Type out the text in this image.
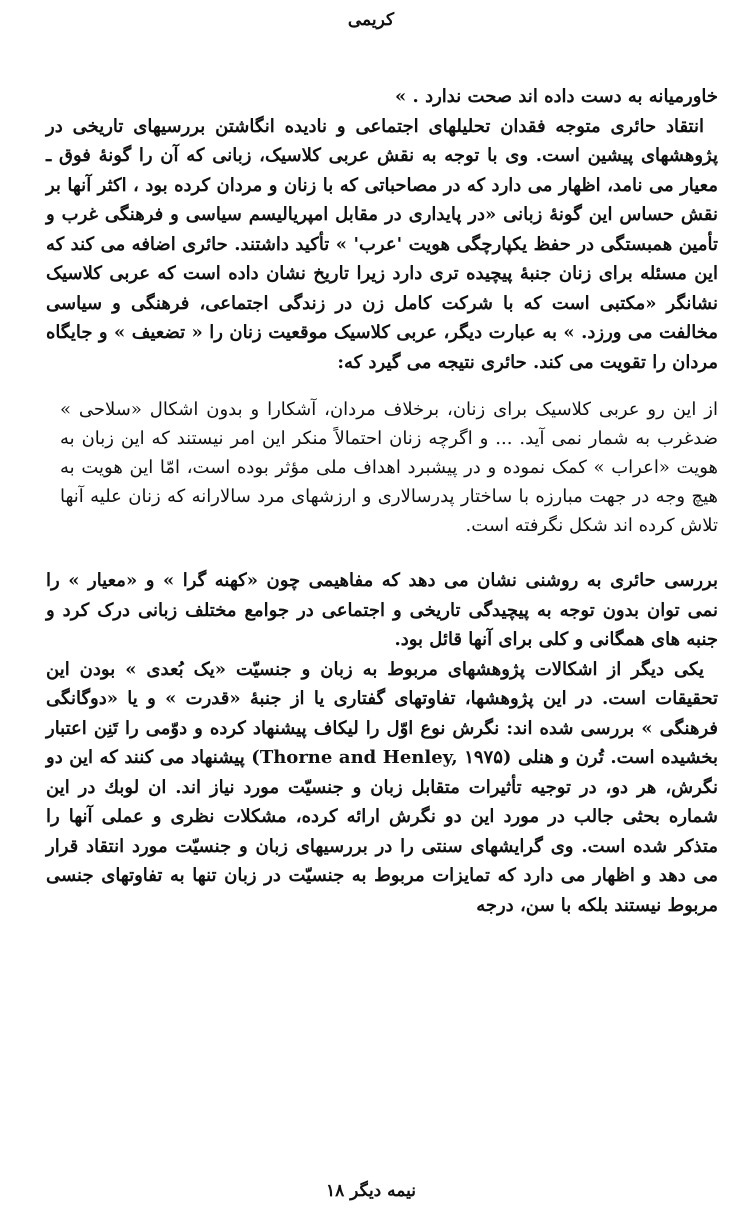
کریمی

خاورمیانه به دست داده اند صحت ندارد . »

انتقاد حائری متوجه فقدان تحلیلهای اجتماعی و نادیده انگاشتن بررسیهای تاریخی در پژوهشهای پیشین است. وی با توجه به نقش عربی کلاسیک، زبانی که آن را گونهٔ فوق ـ معیار می نامد، اظهار می دارد که در مصاحباتی که با زنان و مردان کرده بود ، اکثر آنها بر نقش حساس این گونهٔ زبانی «در پایداری در مقابل امپریالیسم سیاسی و فرهنگی غرب و تأمین همبستگی در حفظ یکپارچگی هویت 'عرب' » تأکید داشتند. حائری اضافه می کند که این مسئله برای زنان جنبهٔ پیچیده تری دارد زیرا تاریخ نشان داده است که عربی کلاسیک نشانگر «مکتبی است که با شرکت کامل زن در زندگی اجتماعی، فرهنگی و سیاسی مخالفت می ورزد. » به عبارت دیگر، عربی کلاسیک موقعیت زنان را « تضعیف » و جایگاه مردان را تقویت می کند. حائری نتیجه می گیرد که:

از این رو عربی کلاسیک برای زنان، برخلاف مردان، آشکارا و بدون اشکال «سلاحی » ضدغرب به شمار نمی آید. ... و اگرچه زنان احتمالاً منکر این امر نیستند که این زبان به هویت «اعراب » کمک نموده و در پیشبرد اهداف ملی مؤثر بوده است، امّا این هویت به هیچ وجه در جهت مبارزه با ساختار پدرسالاری و ارزشهای مرد سالارانه که زنان علیه آنها تلاش کرده اند شکل نگرفته است.

بررسی حائری به روشنی نشان می دهد که مفاهیمی چون «کهنه گرا » و «معیار » را نمی توان بدون توجه به پیچیدگی تاریخی و اجتماعی در جوامع مختلف زبانی درک کرد و جنبه های همگانی و کلی برای آنها قائل بود.

یکی دیگر از اشکالات پژوهشهای مربوط به زبان و جنسیّت «یک بُعدی » بودن این تحقیقات است. در این پژوهشها، تفاوتهای گفتاری یا از جنبهٔ «قدرت » و یا «دوگانگی فرهنگی » بررسی شده اند: نگرش نوع اوّل را لیکاف پیشنهاد کرده و دوّمی را تَنِن اعتبار بخشیده است. تُرن و هنلی (Thorne and Henley, ۱۹۷۵) پیشنهاد می کنند که این دو نگرش، هر دو، در توجیه تأثیرات متقابل زبان و جنسیّت مورد نیاز اند. ان لوبك در این شماره بحثی جالب در مورد این دو نگرش ارائه کرده، مشکلات نظری و عملی آنها را متذکر شده است. وی گرایشهای سنتی را در بررسیهای زبان و جنسیّت مورد انتقاد قرار می دهد و اظهار می دارد که تمایزات مربوط به جنسیّت در زبان تنها به تفاوتهای جنسی مربوط نیستند بلکه با سن، درجه

نیمه دیگر ۱۸
